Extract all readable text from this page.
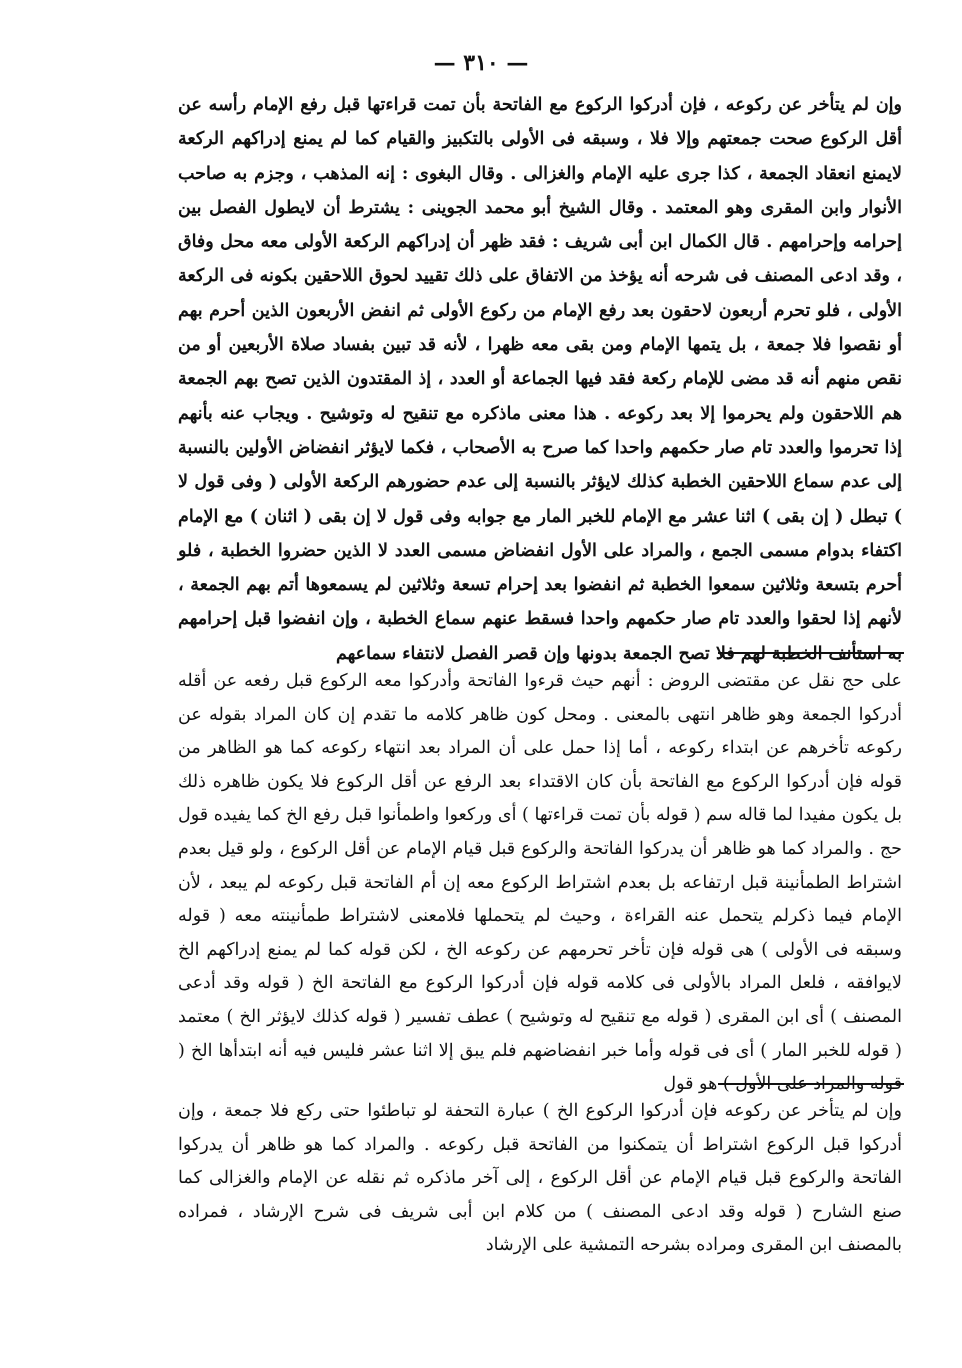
— ٣١٠ —

وإن لم يتأخر عن ركوعه ، فإن أدركوا الركوع مع الفاتحة بأن تمت قراءتها قبل رفع الإمام رأسه عن أقل الركوع صحت جمعتهم وإلا فلا ، وسبقه فى الأولى بالتكبيز والقيام كما لم يمنع إدراكهم الركعة لايمنع انعقاد الجمعة ، كذا جرى عليه الإمام والغزالى . وقال البغوى : إنه المذهب ، وجزم به صاحب الأنوار وابن المقرى وهو المعتمد . وقال الشيخ أبو محمد الجوينى : يشترط أن لايطول الفصل بين إحرامه وإحرامهم . قال الكمال ابن أبى شريف : فقد ظهر أن إدراكهم الركعة الأولى معه محل وفاق ، وقد ادعى المصنف فى شرحه أنه يؤخذ من الاتفاق على ذلك تقييد لحوق اللاحقين بكونه فى الركعة الأولى ، فلو تحرم أربعون لاحقون بعد رفع الإمام من ركوع الأولى ثم انفض الأربعون الذين أحرم بهم أو نقصوا فلا جمعة ، بل يتمها الإمام ومن بقى معه ظهرا ، لأنه قد تبين بفساد صلاة الأربعين أو من نقص منهم أنه قد مضى للإمام ركعة فقد فيها الجماعة أو العدد ، إذ المقتدون الذين تصح بهم الجمعة هم اللاحقون ولم يحرموا إلا بعد ركوعه . هذا معنى ماذكره مع تنقيح له وتوشيح . ويجاب عنه بأنهم إذا تحرموا والعدد تام صار حكمهم واحدا كما صرح به الأصحاب ، فكما لايؤثر انفضاض الأولين بالنسبة إلى عدم سماع اللاحقين الخطبة كذلك لايؤثر بالنسبة إلى عدم حضورهم الركعة الأولى ( وفى قول لا ) تبطل ( إن بقى ) اثنا عشر مع الإمام للخبر المار مع جوابه وفى قول لا إن بقى ( اثنان ) مع الإمام اكتفاء بدوام مسمى الجمع ، والمراد على الأول انفضاض مسمى العدد لا الذين حضروا الخطبة ، فلو أحرم بتسعة وثلاثين سمعوا الخطبة ثم انفضوا بعد إحرام تسعة وثلاثين لم يسمعوها أتم بهم الجمعة ، لأنهم إذا لحقوا والعدد تام صار حكمهم واحدا فسقط عنهم سماع الخطبة ، وإن انفضوا قبل إحرامهم به استأنف الخطبة لهم فلا تصح الجمعة بدونها وإن قصر الفصل لانتفاء سماعهم

على حج نقل عن مقتضى الروض : أنهم حيث قرءوا الفاتحة وأدركوا معه الركوع قبل رفعه عن أقله أدركوا الجمعة وهو ظاهر انتهى بالمعنى . ومحل كون ظاهر كلامه ما تقدم إن كان المراد بقوله عن ركوعه تأخرهم عن ابتداء ركوعه ، أما إذا حمل على أن المراد بعد انتهاء ركوعه كما هو الظاهر من قوله فإن أدركوا الركوع مع الفاتحة بأن كان الاقتداء بعد الرفع عن أقل الركوع فلا يكون ظاهره ذلك بل يكون مفيدا لما قاله سم ( قوله بأن تمت قراءتها ) أى وركعوا واطمأنوا قبل رفع الخ كما يفيده قول حج . والمراد كما هو ظاهر أن يدركوا الفاتحة والركوع قبل قيام الإمام عن أقل الركوع ، ولو قيل بعدم اشتراط الطمأنينة قبل ارتفاعه بل بعدم اشتراط الركوع معه إن أم الفاتحة قبل ركوعه لم يبعد ، لأن الإمام فيما ذكرلم يتحمل عنه القراءة ، وحيث لم يتحملها فلامعنى لاشتراط طمأنينته معه ( قوله وسبقه فى الأولى ) هى قوله فإن تأخر تحرمهم عن ركوعه الخ ، لكن قوله كما لم يمنع إدراكهم الخ لايوافقه ، فلعل المراد بالأولى فى كلامه قوله فإن أدركوا الركوع مع الفاتحة الخ ( قوله وقد أدعى المصنف ) أى ابن المقرى ( قوله مع تنقيح له وتوشيح ) عطف تفسير ( قوله كذلك لايؤثر الخ ) معتمد ( قوله للخبر المار ) أى فى قوله وأما خبر انفضاضهم فلم يبق إلا اثنا عشر فليس فيه أنه ابتدأها الخ ( قوله والمراد على الأول ) هو قول

وإن لم يتأخر عن ركوعه فإن أدركوا الركوع الخ ) عبارة التحفة لو تباطئوا حتى ركع فلا جمعة ، وإن أدركوا قبل الركوع اشتراط أن يتمكنوا من الفاتحة قبل ركوعه . والمراد كما هو ظاهر أن يدركوا الفاتحة والركوع قبل قيام الإمام عن أقل الركوع ، إلى آخر ماذكره ثم نقله عن الإمام والغزالى كما صنع الشارح ( قوله وقد ادعى المصنف ) من كلام ابن أبى شريف فى شرح الإرشاد ، فمراده بالمصنف ابن المقرى ومراده بشرحه التمشية على الإرشاد
